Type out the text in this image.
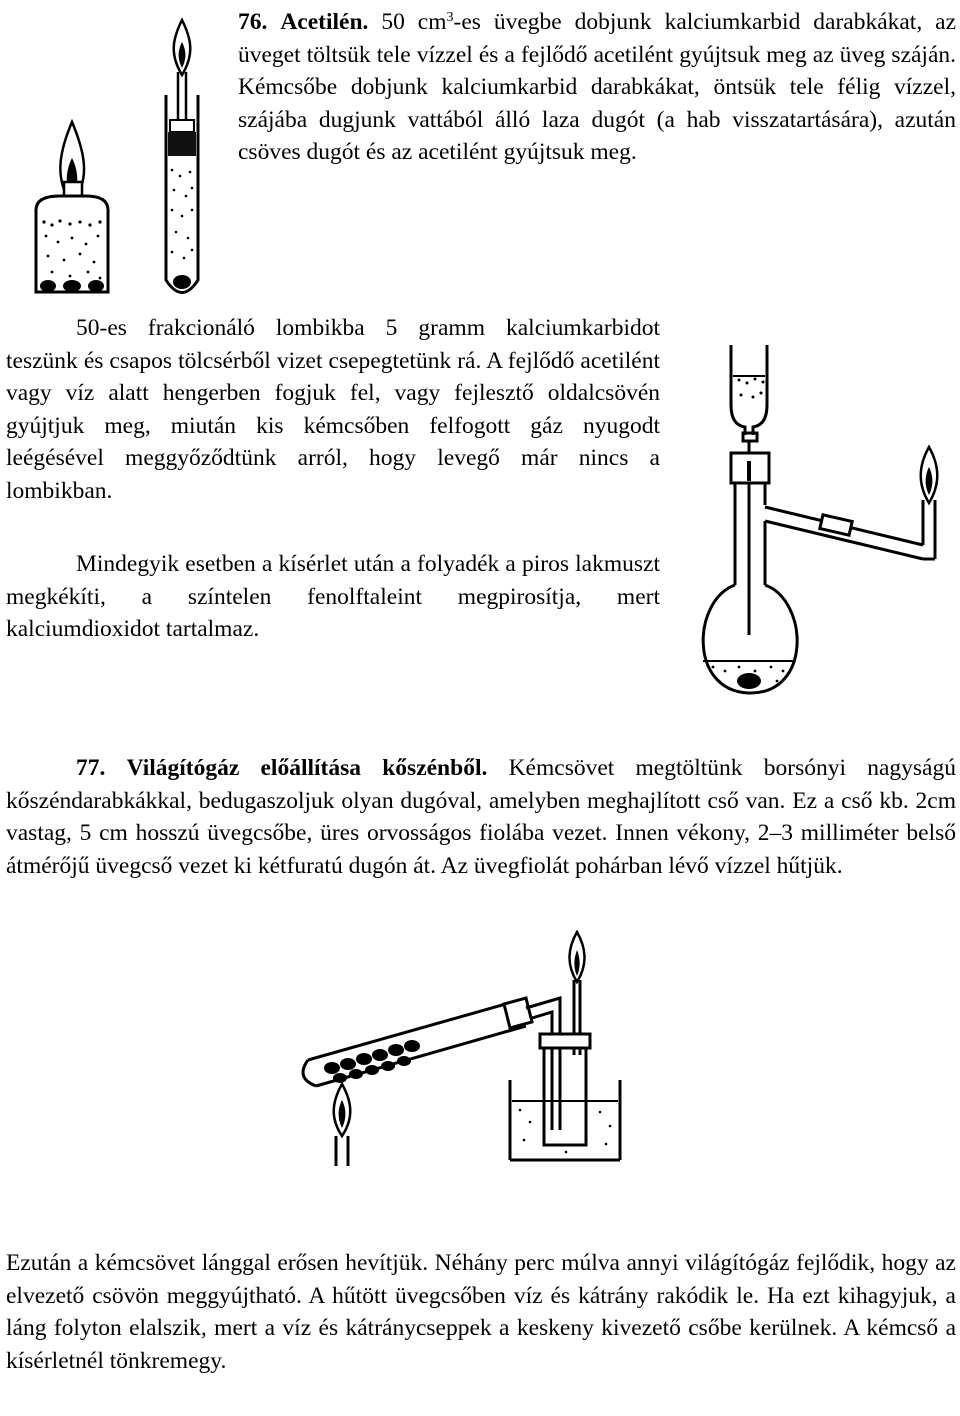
76. Acetilén. 50 $cm^3-es$ üvegbe dobjunk kalciumkarbid darabkákat, az üveget töltsük tele vízzel és a fejlődő acetilént gyújtsuk meg az üveg száján. Kémcsőbe dobjunk kalciumkarbid darabkákat, öntsük tele félig vízzel, szájába dugjunk vattából álló laza dugót (a hab visszatartására), azután csöves dugót és az acetilént gyújtsuk meg.

50-es frakcionáló lombikba 5 gramm kalciumkarbidot teszünk és csapos tölcsérből vizet csepegtetünk rá. A fejlődő acetilént vagy víz alatt hengerben fogjuk fel, vagy fejlesztő oldalcsövén gyújtjuk meg, miután kis kémcsőben felfogott gáz nyugodt leégésével meggyőződtünk arról, hogy levegő már nincs a lombikban.

Mindegyik esetben a kísérlet után a folyadék a piros lakmuszt megkékíti, a színtelen fenolftaleint megpirosítja, mert kalciumdioxidot tartalmaz.

77. Világítógáz előállítása kőszénből. Kémcsövet megtöltünk borsónyi nagyságú kőszéndarabkákkal, bedugaszoljuk olyan dugóval, amelyben meghajlított cső van. Ez a cső kb. 2cm vastag, 5 cm hosszú üvegcsőbe, üres orvosságos fiolába vezet. Innen vékony, 2–3 milliméter belső átmérőjű üvegcső vezet ki kétfuratú dugón át. Az üvegfiolát pohárban lévő vízzel hűtjük.

Ezután a kémcsövet lánggal erősen hevítjük. Néhány perc múlva annyi világítógáz fejlődik, hogy az elvezető csövön meggyújtható. A hűtött üvegcsőben víz és kátrány rakódik le. Ha ezt kihagyjuk, a láng folyton elalszik, mert a víz és kátránycseppek a keskeny kivezető csőbe kerülnek. A kémcső a kísérletnél tönkremegy.
